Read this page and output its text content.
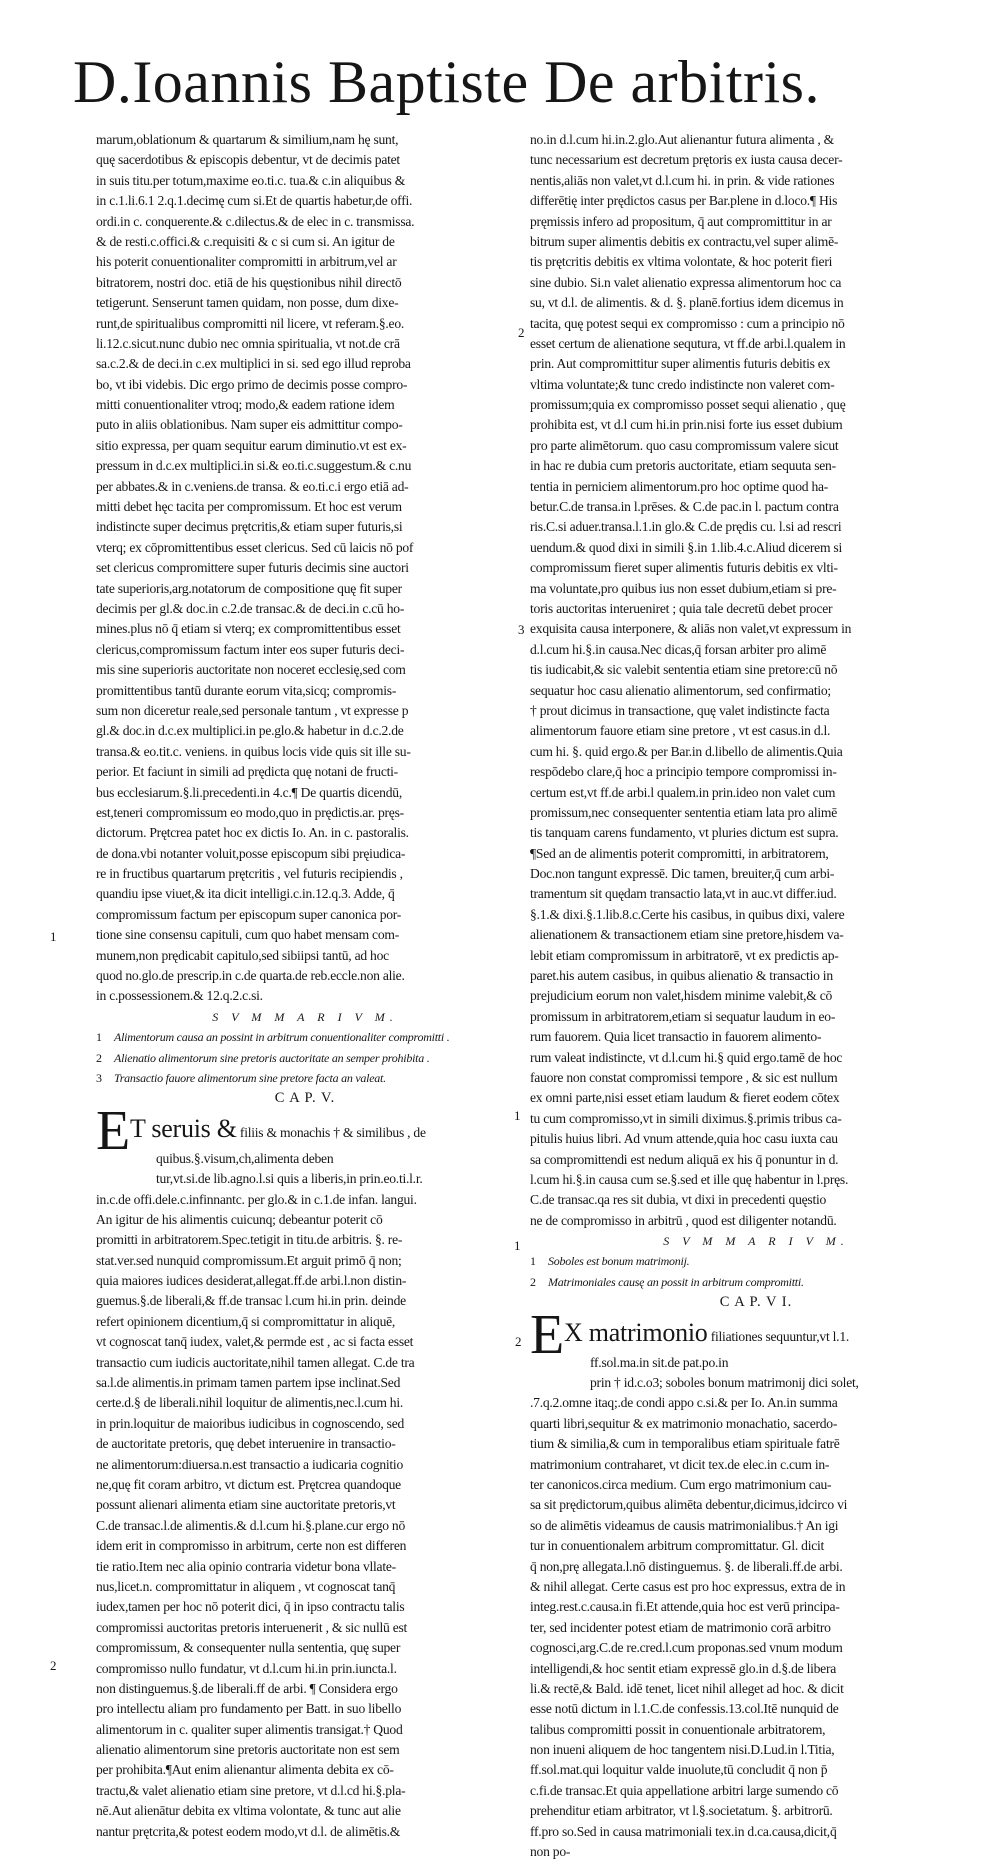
D.Ioannis Baptiste De arbitris.
marum,oblationum & quartarum & similium,nam hę sunt,
quę sacerdotibus & episcopis debentur, vt de decimis patet
in suis titu.per totum,maxime eo.ti.c. tua.& c.in aliquibus &
in c.1.li.6.1 2.q.1.decimę cum si.Et de quartis habetur,de offi.
ordi.in c. conquerente.& c.dilectus.& de elec in c. transmissa.
& de resti.c.offici.& c.requisiti & c si cum si. An igitur de
his poterit conuentionaliter compromitti in arbitrum,vel ar
bitratorem, nostri doc. etiā de his quęstionibus nihil directō
tetigerunt. Senserunt tamen quidam, non posse, dum dixe-
runt,de spiritualibus compromitti nil licere, vt referam.§.eo.
li.12.c.sicut.nunc dubio nec omnia spiritualia, vt not.de crā
sa.c.2.& de deci.in c.ex multiplici in si. sed ego illud reproba
bo, vt ibi videbis. Dic ergo primo de decimis posse compro-
mitti conuentionaliter vtroq; modo,& eadem ratione idem
puto in aliis oblationibus. Nam super eis admittitur compo-
sitio expressa, per quam sequitur earum diminutio.vt est ex-
pressum in d.c.ex multiplici.in si.& eo.ti.c.suggestum.& c.nu
per abbates.& in c.veniens.de transa. & eo.ti.c.i ergo etiā ad-
mitti debet hęc tacita per compromissum. Et hoc est verum
indistincte super decimus prętcritis,& etiam super futuris,si
vterq; ex cōpromittentibus esset clericus. Sed cū laicis nō pof
set clericus compromittere super futuris decimis sine auctori
tate superioris,arg.notatorum de compositione quę fit super
decimis per gl.& doc.in c.2.de transac.& de deci.in c.cū ho-
mines.plus nō q̄ etiam si vterq; ex compromittentibus esset
clericus,compromissum factum inter eos super futuris deci-
mis sine superioris auctoritate non noceret ecclesię,sed com
promittentibus tantū durante eorum vita,sicq; compromis-
sum non diceretur reale,sed personale tantum , vt expresse p
gl.& doc.in d.c.ex multiplici.in pe.glo.& habetur in d.c.2.de
transa.& eo.tit.c. veniens. in quibus locis vide quis sit ille su-
perior. Et faciunt in simili ad prędicta quę notani de fructi-
bus ecclesiarum.§.li.precedenti.in 4.c.¶ De quartis dicendū,
est,teneri compromissum eo modo,quo in prędictis.ar. pręs-
dictorum. Prętcrea patet hoc ex dictis Io. An. in c. pastoralis.
de dona.vbi notanter voluit,posse episcopum sibi pręiudica-
re in fructibus quartarum prętcritis , vel futuris recipiendis ,
quandiu ipse viuet,& ita dicit intelligi.c.in.12.q.3. Adde, q̄
compromissum factum per episcopum super canonica por-
tione sine consensu capituli, cum quo habet mensam com-
munem,non prędicabit capitulo,sed sibiipsi tantū, ad hoc
quod no.glo.de prescrip.in c.de quarta.de reb.eccle.non alie.
in c.possessionem.& 12.q.2.c.si.
S V M M A R I V M.
1 Alimentorum causa an possint in arbitrum conuentionaliter compromitti .
2 Alienatio alimentorum sine pretoris auctoritate an semper prohibita .
3 Transactio fauore alimentorum sine pretore facta an valeat.
C A P. V.
ET seruis & filiis & monachis † & similibus , de
quibus.§.visum,ch,alimenta deben
tur,vt.si.de lib.agno.l.si quis a liberis,in prin.eo.ti.l.r.
in.c.de offi.dele.c.infinnantc. per glo.& in c.1.de infan. langui.
An igitur de his alimentis cuicunq; debeantur poterit cō
promitti in arbitratorem.Spec.tetigit in titu.de arbitris. §. re-
stat.ver.sed nunquid compromissum.Et arguit primō q̄ non;
quia maiores iudices desiderat,allegat.ff.de arbi.l.non distin-
guemus.§.de liberali,& ff.de transac l.cum hi.in prin. deinde
refert opinionem dicentium,q̄ si compromittatur in aliquē,
vt cognoscat tanq̄ iudex, valet,& permde est , ac si facta esset
transactio cum iudicis auctoritate,nihil tamen allegat. C.de tra
sa.l.de alimentis.in primam tamen partem ipse inclinat.Sed
certe.d.§ de liberali.nihil loquitur de alimentis,nec.l.cum hi.
in prin.loquitur de maioribus iudicibus in cognoscendo, sed
de auctoritate pretoris, quę debet interuenire in transactio-
ne alimentorum:diuersa.n.est transactio a iudicaria cognitio
ne,quę fit coram arbitro, vt dictum est. Prętcrea quandoque
possunt alienari alimenta etiam sine auctoritate pretoris,vt
C.de transac.l.de alimentis.& d.l.cum hi.§.plane.cur ergo nō
idem erit in compromisso in arbitrum, certe non est differen
tie ratio.Item nec alia opinio contraria videtur bona vllate-
nus,licet.n. compromittatur in aliquem , vt cognoscat tanq̄
iudex,tamen per hoc nō poterit dici, q̄ in ipso contractu talis
compromissi auctoritas pretoris interuenerit , & sic nullū est
compromissum, & consequenter nulla sententia, quę super
compromisso nullo fundatur, vt d.l.cum hi.in prin.iuncta.l.
non distinguemus.§.de liberali.ff de arbi. ¶ Considera ergo
pro intellectu aliam pro fundamento per Batt. in suo libello
alimentorum in c. qualiter super alimentis transigat.† Quod
alienatio alimentorum sine pretoris auctoritate non est sem
per prohibita.¶Aut enim alienantur alimenta debita ex cō-
tractu,& valet alienatio etiam sine pretore, vt d.l.cd hi.§.pla-
nē.Aut alienātur debita ex vltima volontate, & tunc aut alie
nantur prętcrita,& potest eodem modo,vt d.l. de alimētis.&
no.in d.l.cum hi.in.2.glo.Aut alienantur futura alimenta , &
tunc necessarium est decretum prętoris ex iusta causa decer-
nentis,aliās non valet,vt d.l.cum hi. in prin. & vide rationes
differētię inter prędictos casus per Bar.plene in d.loco.¶ His
pręmissis infero ad propositum, q̄ aut compromittitur in ar
bitrum super alimentis debitis ex contractu,vel super alimē-
tis prętcritis debitis ex vltima volontate, & hoc poterit fieri
sine dubio. Si.n valet alienatio expressa alimentorum hoc ca
su, vt d.l. de alimentis. & d. §. planē.fortius idem dicemus in
tacita, quę potest sequi ex compromisso : cum a principio nō
esset certum de alienatione sequtura, vt ff.de arbi.l.qualem in
prin. Aut compromittitur super alimentis futuris debitis ex
vltima voluntate;& tunc credo indistincte non valeret com-
promissum;quia ex compromisso posset sequi alienatio , quę
prohibita est, vt d.l cum hi.in prin.nisi forte ius esset dubium
pro parte alimētorum. quo casu compromissum valere sicut
in hac re dubia cum pretoris auctoritate, etiam sequuta sen-
tentia in perniciem alimentorum.pro hoc optime quod ha-
betur.C.de transa.in l.prēses. & C.de pac.in l. pactum contra
ris.C.si aduer.transa.l.1.in glo.& C.de prędis cu. l.si ad rescri
uendum.& quod dixi in simili §.in 1.lib.4.c.Aliud dicerem si
compromissum fieret super alimentis futuris debitis ex vlti-
ma voluntate,pro quibus ius non esset dubium,etiam si pre-
toris auctoritas interueniret ; quia tale decretū debet procer
exquisita causa interponere, & aliās non valet,vt expressum in
d.l.cum hi.§.in causa.Nec dicas,q̄ forsan arbiter pro alimē
tis iudicabit,& sic valebit sententia etiam sine pretore:cū nō
sequatur hoc casu alienatio alimentorum, sed confirmatio;
† prout dicimus in transactione, quę valet indistincte facta
alimentorum fauore etiam sine pretore , vt est casus.in d.l.
cum hi. §. quid ergo.& per Bar.in d.libello de alimentis.Quia
respōdebo clare,q̄ hoc a principio tempore compromissi in-
certum est,vt ff.de arbi.l qualem.in prin.ideo non valet cum
promissum,nec consequenter sententia etiam lata pro alimē
tis tanquam carens fundamento, vt pluries dictum est supra.
¶Sed an de alimentis poterit compromitti, in arbitratorem,
Doc.non tangunt expressē. Dic tamen, breuiter,q̄ cum arbi-
tramentum sit quędam transactio lata,vt in auc.vt differ.iud.
§.1.& dixi.§.1.lib.8.c.Certe his casibus, in quibus dixi, valere
alienationem & transactionem etiam sine pretore,hisdem va-
lebit etiam compromissum in arbitratorē, vt ex predictis ap-
paret.his autem casibus, in quibus alienatio & transactio in
prejudicium eorum non valet,hisdem minime valebit,& cō
promissum in arbitratorem,etiam si sequatur laudum in eo-
rum fauorem. Quia licet transactio in fauorem alimento-
rum valeat indistincte, vt d.l.cum hi.§ quid ergo.tamē de hoc
fauore non constat compromissi tempore , & sic est nullum
ex omni parte,nisi esset etiam laudum & fieret eodem cōtex
tu cum compromisso,vt in simili diximus.§.primis tribus ca-
pitulis huius libri. Ad vnum attende,quia hoc casu iuxta cau
sa compromittendi est nedum aliquā ex his q̄ ponuntur in d.
l.cum hi.§.in causa cum se.§.sed et ille quę habentur in l.pręs.
C.de transac.qa res sit dubia, vt dixi in precedenti quęstio
ne de compromisso in arbitrū , quod est diligenter notandū.
S V M M A R I V M.
1 Soboles est bonum matrimonij.
2 Matrimoniales causę an possit in arbitrum compromitti.
C A P. V I.
EX matrimonio filiationes sequuntur,vt l.1.
ff.sol.ma.in sit.de pat.po.in
prin † id.c.o3; soboles bonum matrimonij dici solet,
.7.q.2.omne itaq;.de condi appo c.si.& per Io. An.in summa
quarti libri,sequitur & ex matrimonio monachatio, sacerdo-
tium & similia,& cum in temporalibus etiam spirituale fatrē
matrimonium contraharet, vt dicit tex.de elec.in c.cum in-
ter canonicos.circa medium. Cum ergo matrimonium cau-
sa sit prędictorum,quibus alimēta debentur,dicimus,idcirco vi
so de alimētis videamus de causis matrimonialibus.† An igi
tur in conuentionalem arbitrum compromittatur. Gl. dicit
q̄ non,prę allegata.l.nō distinguemus. §. de liberali.ff.de arbi.
& nihil allegat. Certe casus est pro hoc expressus, extra de in
integ.rest.c.causa.in fi.Et attende,quia hoc est verū principa-
ter, sed incidenter potest etiam de matrimonio corā arbitro
cognosci,arg.C.de re.cred.l.cum proponas.sed vnum modum
intelligendi,& hoc sentit etiam expressē glo.in d.§.de libera
li.& rectē,& Bald. idē tenet, licet nihil alleget ad hoc. & dicit
esse notū dictum in l.1.C.de confessis.13.col.Itē nunquid de
talibus compromitti possit in conuentionale arbitratorem,
non inueni aliquem de hoc tangentem nisi.D.Lud.in l.Titia,
ff.sol.mat.qui loquitur valde inuolute,tū concludit q̄ non p̄
c.fi.de transac.Et quia appellatione arbitri large sumendo cō
prehenditur etiam arbitrator, vt l.§.societatum. §. arbitrorū.
ff.pro so.Sed in causa matrimoniali tex.in d.ca.causa,dicit,q̄
non po-
1
2
2
3
1
1
2
